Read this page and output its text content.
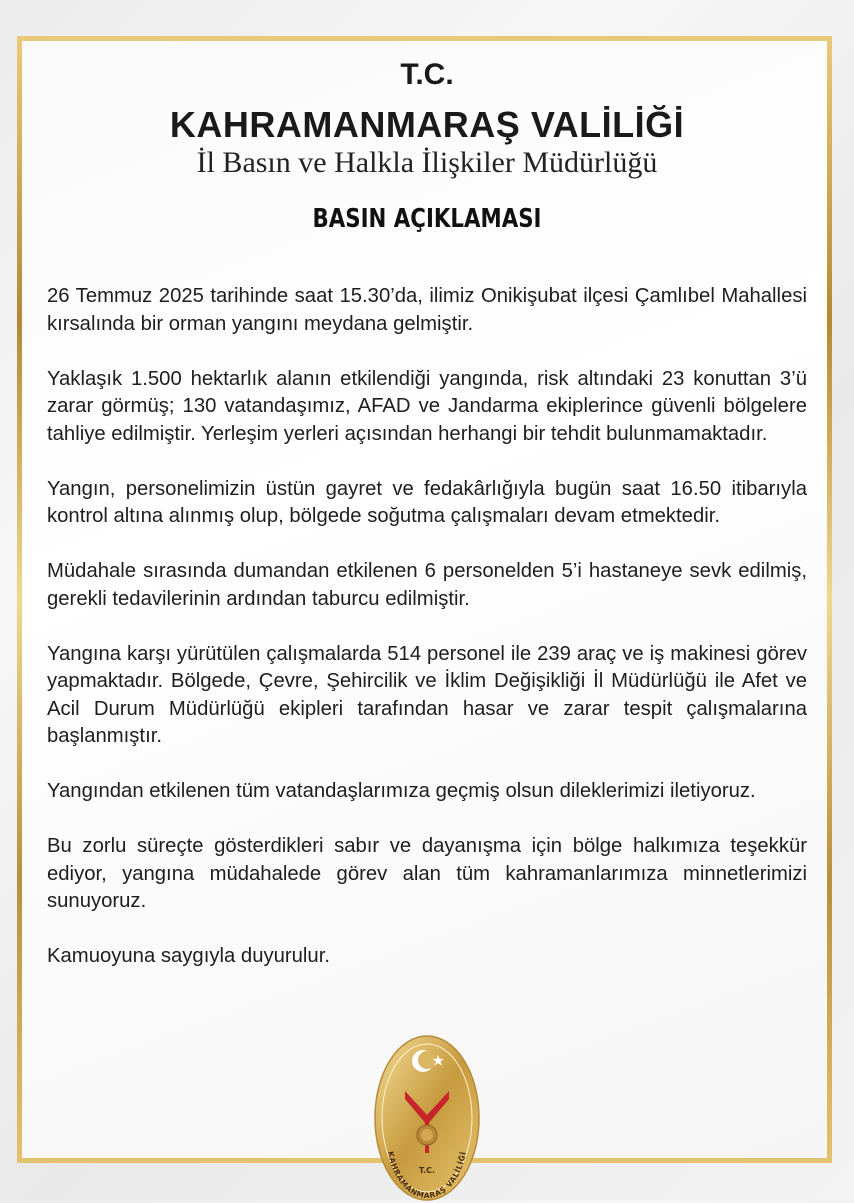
T.C.
KAHRAMANMARAŞ VALİLİĞİ
İl Basın ve Halkla İlişkiler Müdürlüğü
BASIN AÇIKLAMASI

26 Temmuz 2025 tarihinde saat 15.30’da, ilimiz Onikişubat ilçesi Çamlıbel Mahallesi kırsalında bir orman yangını meydana gelmiştir.

Yaklaşık 1.500 hektarlık alanın etkilendiği yangında, risk altındaki 23 konuttan 3’ü zarar görmüş; 130 vatandaşımız, AFAD ve Jandarma ekiplerince güvenli bölgelere tahliye edilmiştir. Yerleşim yerleri açısından herhangi bir tehdit bulunmamaktadır.

Yangın, personelimizin üstün gayret ve fedakârlığıyla bugün saat 16.50 itibarıyla kontrol altına alınmış olup, bölgede soğutma çalışmaları devam etmektedir.

Müdahale sırasında dumandan etkilenen 6 personelden 5’i hastaneye sevk edilmiş, gerekli tedavilerinin ardından taburcu edilmiştir.

Yangına karşı yürütülen çalışmalarda 514 personel ile 239 araç ve iş makinesi görev yapmaktadır. Bölgede, Çevre, Şehircilik ve İklim Değişikliği İl Müdürlüğü ile Afet ve Acil Durum Müdürlüğü ekipleri tarafından hasar ve zarar tespit çalışmalarına başlanmıştır.

Yangından etkilenen tüm vatandaşlarımıza geçmiş olsun dileklerimizi iletiyoruz.

Bu zorlu süreçte gösterdikleri sabır ve dayanışma için bölge halkımıza teşekkür ediyor, yangına müdahalede görev alan tüm kahramanlarımıza minnetlerimizi sunuyoruz.

Kamuoyuna saygıyla duyurulur.

T.C.
KAHRAMANMARAŞ VALİLİĞİ
